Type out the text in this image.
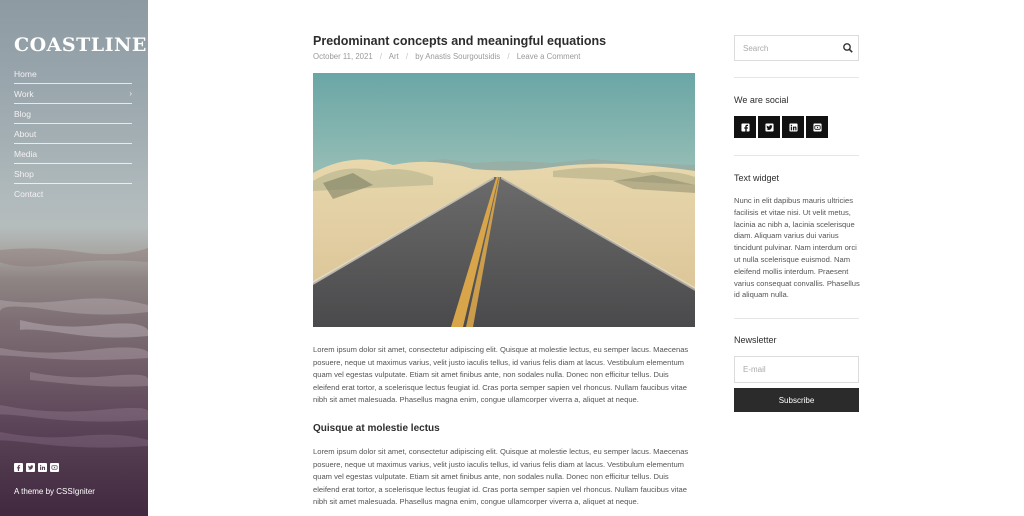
COASTLINE
Home
Work	›
Blog
About
Media
Shop
Contact
A theme by CSSIgniter
Predominant concepts and meaningful equations
October 11, 2021 / Art / by Anastis Sourgoutsidis / Leave a Comment

Lorem ipsum dolor sit amet, consectetur adipiscing elit. Quisque at molestie lectus, eu semper lacus. Maecenas posuere, neque ut maximus varius, velit justo iaculis tellus, id varius felis diam at lacus. Vestibulum elementum quam vel egestas vulputate. Etiam sit amet finibus ante, non sodales nulla. Donec non efficitur tellus. Duis eleifend erat tortor, a scelerisque lectus feugiat id. Cras porta semper sapien vel rhoncus. Nullam faucibus vitae nibh sit amet malesuada. Phasellus magna enim, congue ullamcorper viverra a, aliquet at neque.

Quisque at molestie lectus

Lorem ipsum dolor sit amet, consectetur adipiscing elit. Quisque at molestie lectus, eu semper lacus. Maecenas posuere, neque ut maximus varius, velit justo iaculis tellus, id varius felis diam at lacus. Vestibulum elementum quam vel egestas vulputate. Etiam sit amet finibus ante, non sodales nulla. Donec non efficitur tellus. Duis eleifend erat tortor, a scelerisque lectus feugiat id. Cras porta semper sapien vel rhoncus. Nullam faucibus vitae nibh sit amet malesuada. Phasellus magna enim, congue ullamcorper viverra a, aliquet at neque.

Search
We are social
Text widget

Nunc in elit dapibus mauris ultricies facilisis et vitae nisi. Ut velit metus, lacinia ac nibh a, lacinia scelerisque diam. Aliquam varius dui varius tincidunt pulvinar. Nam interdum orci ut nulla scelerisque euismod. Nam eleifend mollis interdum. Praesent varius consequat convallis. Phasellus id aliquam nulla.

Newsletter
E-mail
Subscribe
